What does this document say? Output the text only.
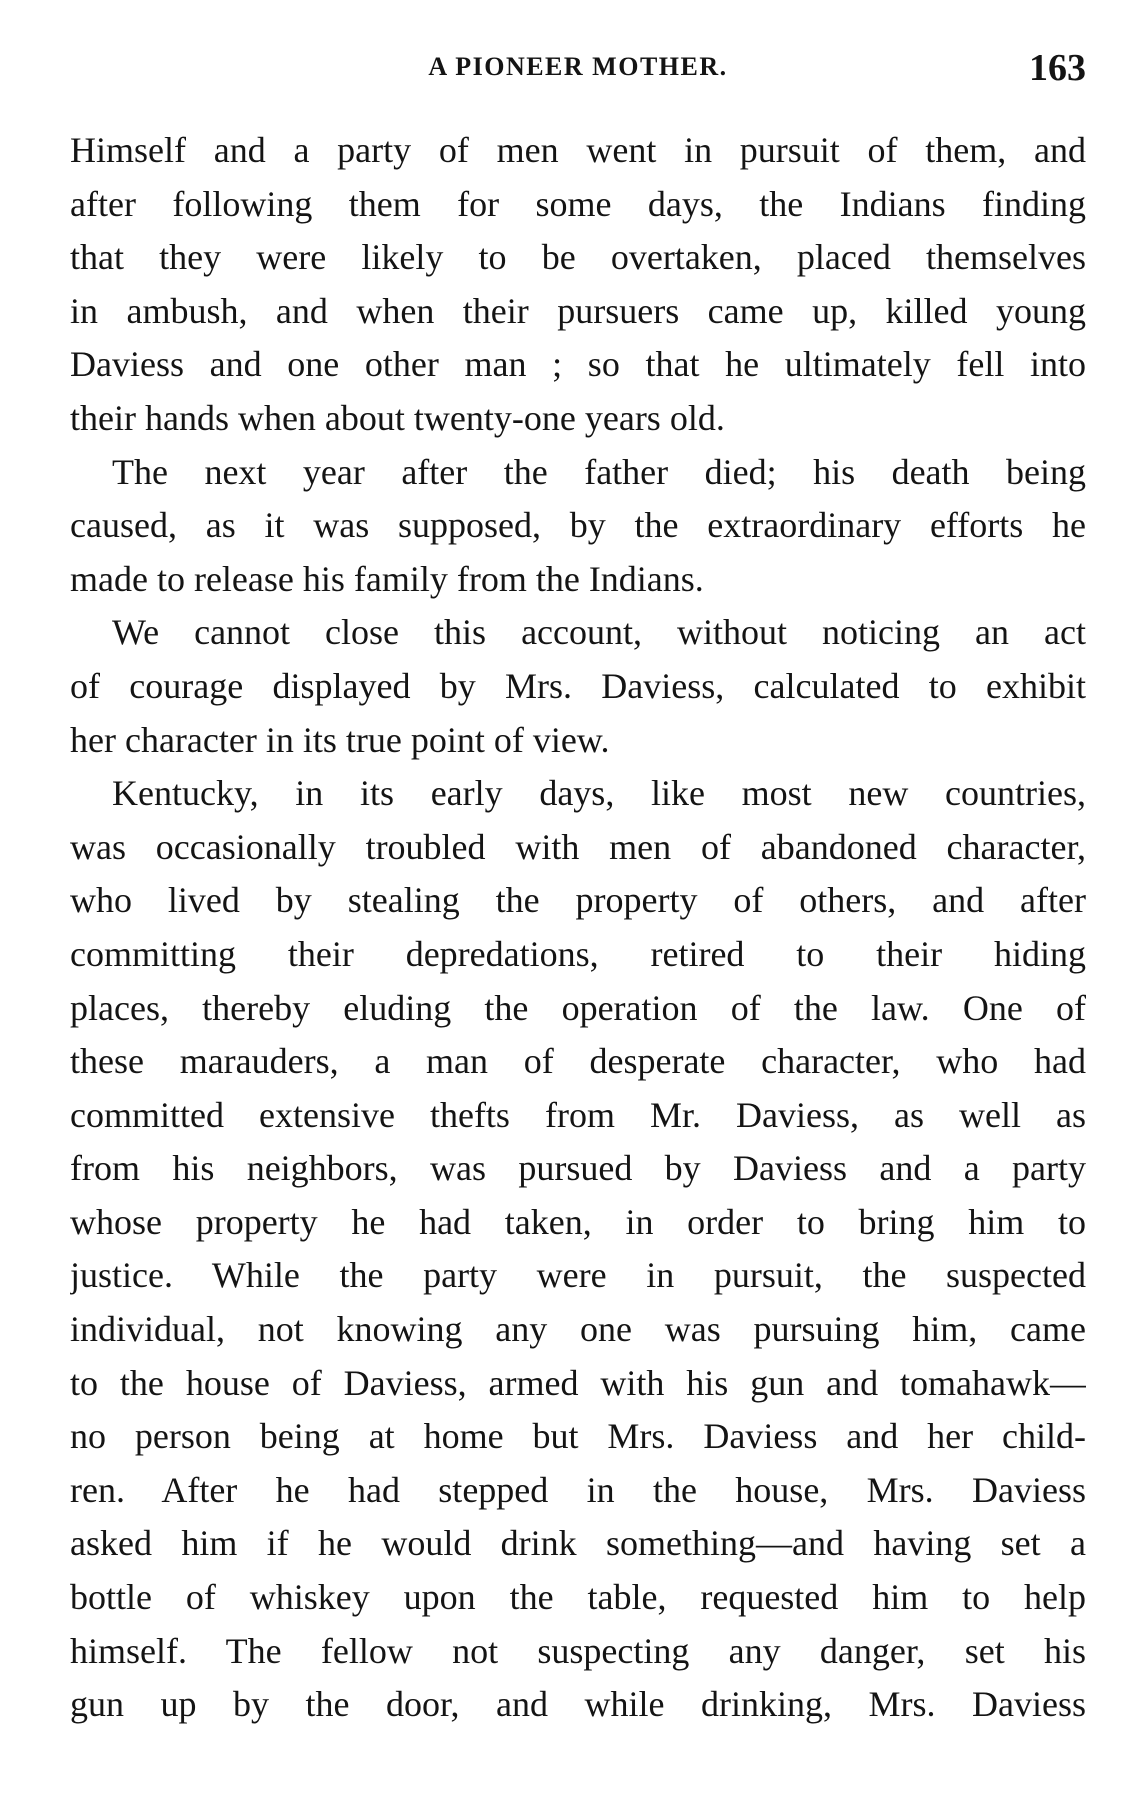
A PIONEER MOTHER.	163
Himself and a party of men went in pursuit of them, and
after following them for some days, the Indians finding
that they were likely to be overtaken, placed themselves
in ambush, and when their pursuers came up, killed young
Daviess and one other man ; so that he ultimately fell into
their hands when about twenty-one years old.
The next year after the father died; his death being
caused, as it was supposed, by the extraordinary efforts he
made to release his family from the Indians.
We cannot close this account, without noticing an act
of courage displayed by Mrs. Daviess, calculated to exhibit
her character in its true point of view.
Kentucky, in its early days, like most new countries,
was occasionally troubled with men of abandoned character,
who lived by stealing the property of others, and after
committing their depredations, retired to their hiding
places, thereby eluding the operation of the law. One of
these marauders, a man of desperate character, who had
committed extensive thefts from Mr. Daviess, as well as
from his neighbors, was pursued by Daviess and a party
whose property he had taken, in order to bring him to
justice. While the party were in pursuit, the suspected
individual, not knowing any one was pursuing him, came
to the house of Daviess, armed with his gun and tomahawk—
no person being at home but Mrs. Daviess and her child-
ren. After he had stepped in the house, Mrs. Daviess
asked him if he would drink something—and having set a
bottle of whiskey upon the table, requested him to help
himself. The fellow not suspecting any danger, set his
gun up by the door, and while drinking, Mrs. Daviess
